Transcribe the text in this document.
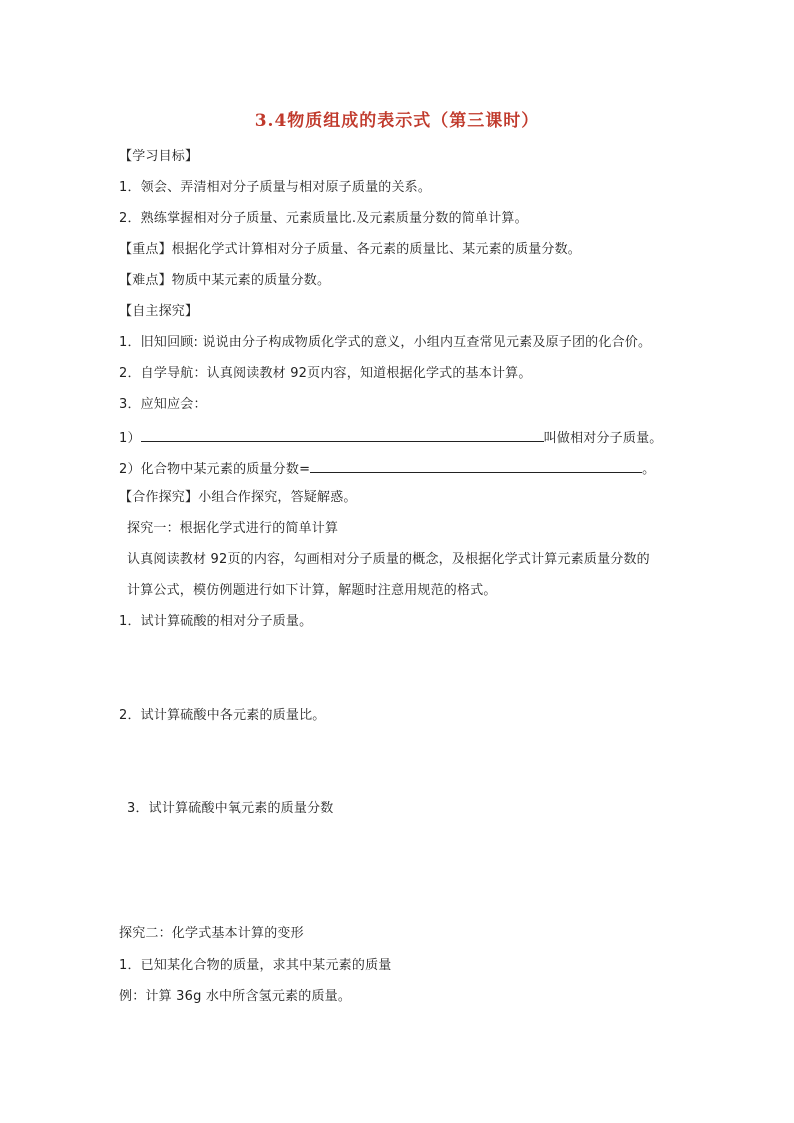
3.4物质组成的表示式（第三课时）
【学习目标】
1．领会、弄清相对分子质量与相对原子质量的关系。
2．熟练掌握相对分子质量、元素质量比.及元素质量分数的简单计算。
【重点】根据化学式计算相对分子质量、各元素的质量比、某元素的质量分数。
【难点】物质中某元素的质量分数。
【自主探究】
1．旧知回顾: 说说由分子构成物质化学式的意义，小组内互查常见元素及原子团的化合价。
2．自学导航：认真阅读教材 92页内容，知道根据化学式的基本计算。
3．应知应会：
1）	叫做相对分子质量。
2）化合物中某元素的质量分数=	。
【合作探究】小组合作探究，答疑解惑。
探究一：根据化学式进行的简单计算
认真阅读教材 92页的内容，勾画相对分子质量的概念，及根据化学式计算元素质量分数的
计算公式，模仿例题进行如下计算，解题时注意用规范的格式。
1．试计算硫酸的相对分子质量。
2．试计算硫酸中各元素的质量比。
3．试计算硫酸中氧元素的质量分数
探究二：化学式基本计算的变形
1．已知某化合物的质量，求其中某元素的质量
例：计算 36g 水中所含氢元素的质量。
